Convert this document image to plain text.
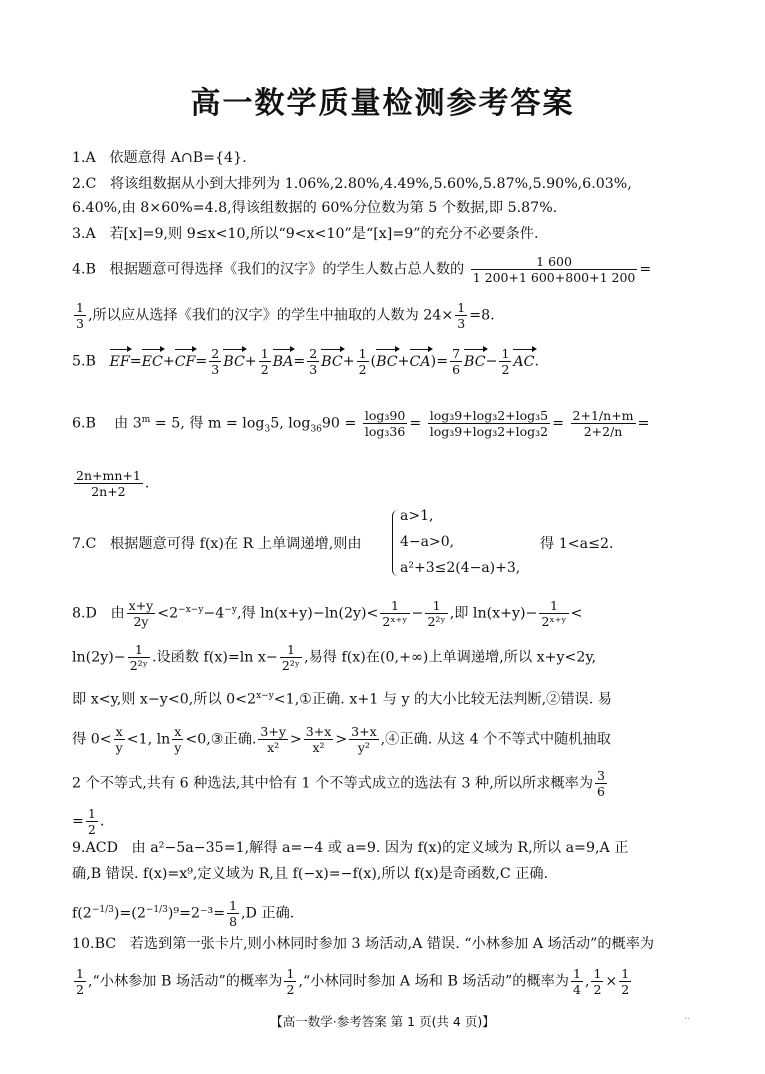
高一数学质量检测参考答案
1.A 依题意得 A∩B={4}.
2.C 将该组数据从小到大排列为 1.06%,2.80%,4.49%,5.60%,5.87%,5.90%,6.03%,
6.40%,由 8×60%=4.8,得该组数据的 60%分位数为第 5 个数据,即 5.87%.
3.A 若[x]=9,则 9≤x<10,所以“9<x<10”是“[x]=9”的充分不必要条件.
4.B 根据题意可得选择《我们的汉字》的学生人数占总人数的 $\frac{1 600}{1 200+1 600+800+1 200}$ =
$\frac{1}{3}$ ,所以应从选择《我们的汉字》的学生中抽取的人数为 $24\times \frac{1}{3} =8$.
5.B $EF=EC+CF= \frac{2}{3} BC+ \frac{1}{2} BA= \frac{2}{3} BC+ \frac{1}{2} (BC+CA)= \frac{7}{6} BC- \frac{1}{2}$ AC.
6.B 由 $3^m = 5$, 得 $m = \log_35$, $\log_{36}90 = \frac{\text{log₃90}}{\text{log₃36}} = \frac{\text{log₃9+log₃2+log₃5}}{\text{log₃9+log₃2+log₃2}} = \frac{2+1/n+m}{2+2/n}$ =
$\frac{2n+mn+1}{2n+2}$ .
7.C 根据题意可得 f(x)在 R 上单调递增,则由
a>1,
4−a>0,
a²+3≤2(4−a)+3,
得 1<a≤2.
8.D 由 $\frac{x+y}{2y} <2^{-x-y}-4^{-y}$,得 $\ln(x+y)-\ln(2y)< \frac{1}{\text{2ˣ⁺ʸ}} - \frac{1}{\text{2²ʸ}}$ ,即 $\ln(x+y)- \frac{1}{\text{2ˣ⁺ʸ}}$ <
$\ln(2y)- \frac{1}{\text{2²ʸ}}$ .设函数 f(x)=ln $x- \frac{1}{\text{2²ʸ}}$ ,易得 f(x)在(0,+∞)上单调递增,所以 x+y<2y,
即 x<y,则 x−y<0,所以 $0<2^{x-y}<1,①$正确. x+1 与 y 的大小比较无法判断,②错误. 易
得 $0< \frac{x}{y} <1$, $\ln \frac{x}{y}$ <0,③正确. $\frac{3+y}{\text{x²}} > \frac{3+x}{\text{x²}} > \frac{3+x}{\text{y²}}$ ,④正确. 从这 4 个不等式中随机抽取
2 个不等式,共有 6 种选法,其中恰有 1 个不等式成立的选法有 3 种,所以所求概率为 $\frac{3}{6}$
= $\frac{1}{2}$ .
9.ACD 由 a²−5a−35=1,解得 a=−4 或 a=9. 因为 f(x)的定义域为 R,所以 a=9,A 正
确,B 错误. f(x)=x⁹,定义域为 R,且 f(−x)=−f(x),所以 f(x)是奇函数,C 正确.
$f(2^{-1/3})=(2^{-1/3})^9=2^{-3}= \frac{1}{8} ,D$ 正确.
10.BC 若选到第一张卡片,则小林同时参加 3 场活动,A 错误. “小林参加 A 场活动”的概率为
$\frac{1}{2}$ ,“小林参加 B 场活动”的概率为 $\frac{1}{2}$ ,“小林同时参加 A 场和 B 场活动”的概率为 $\frac{1}{4}$ , $\frac{1}{2} \times \frac{1}{2}$
【高一数学·参考答案 第 1 页(共 4 页)】	··
